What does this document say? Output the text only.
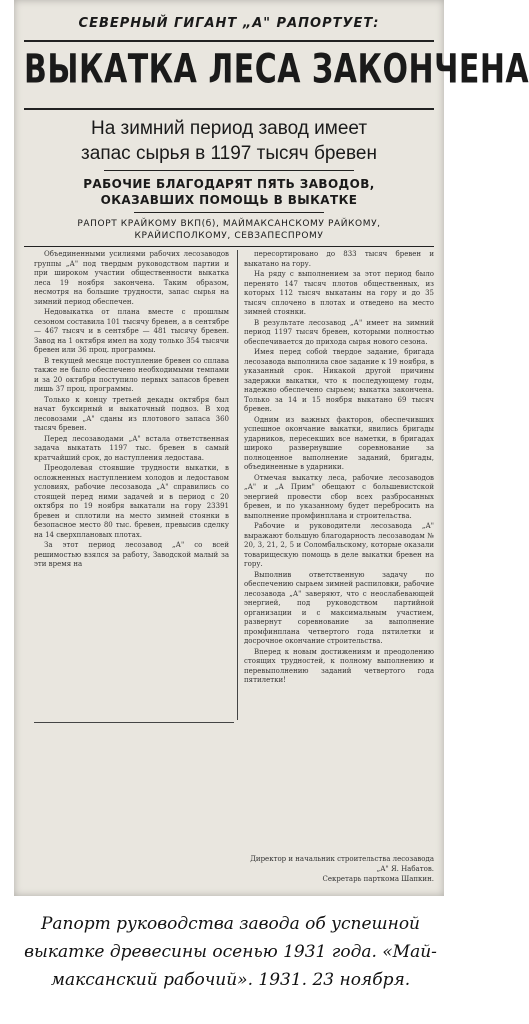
СЕВЕРНЫЙ ГИГАНТ „А" РАПОРТУЕТ:
ВЫКАТКА ЛЕСА ЗАКОНЧЕНА
На зимний период завод имеет
запас сырья в 1197 тысяч бревен
РАБОЧИЕ БЛАГОДАРЯТ ПЯТЬ ЗАВОДОВ,
ОКАЗАВШИХ ПОМОЩЬ В ВЫКАТКЕ
РАПОРТ КРАЙКОМУ ВКП(б), МАЙМАКСАНСКОМУ РАЙКОМУ,
КРАЙИСПОЛКОМУ, СЕВЗАПЕСПРОМУ

Объединенными усилиями рабочих лесозаводов группы „А" под твердым руководством партии и при широком участии общественности выкатка леса 19 ноября закончена. Таким образом, несмотря на большие трудности, запас сырья на зимний период обеспечен.

Недовыкатка от плана вместе с прошлым сезоном составила 101 тысячу бревен, а в сентябре — 467 тысяч и в сентябре — 481 тысячу бревен. Завод на 1 октября имел на ходу только 354 тысячи бревен или 36 проц. программы.

В текущей месяце поступление бревен со сплава также не было обеспечено необходимыми темпами и за 20 октября поступило первых запасов бревен лишь 37 проц. программы.

Только к концу третьей декады октября был начат буксирный и выкаточный подвоз. В ход лесовозами „А" сданы из плотового запаса 360 тысяч бревен.

Перед лесозаводами „А" встала ответственная задача выкатать 1197 тыс. бревен в самый кратчайший срок, до наступления ледостава.

Преодолевая стоявшие трудности выкатки, в осложненных наступлением холодов и ледоставом условиях, рабочие лесозавода „А" справились со стоящей перед ними задачей и в период с 20 октября по 19 ноября выкатали на гору 23391 бревен и сплотили на место зимней стоянки в безопасное место 80 тыс. бревен, превысив сделку на 14 сверхплановых плотах.

За этот период лесозавод „А" со всей решимостью взялся за работу, Заводской малый за эти время на

пересортировано до 833 тысяч бревен и выкатано на гору.

На ряду с выполнением за этот период было перенято 147 тысяч плотов общественных, из которых 112 тысяч выкатаны на гору и до 35 тысяч сплочено в плотах и отведено на место зимней стоянки.

В результате лесозавод „А" имеет на зимний период 1197 тысяч бревен, которыми полностью обеспечивается до прихода сырья нового сезона.

Имея перед собой твердое задание, бригада лесозавода выполнила свое задание к 19 ноября, в указанный срок. Никакой другой причины задержки выкатки, что к последующему годы, надежно обеспечено сырьем; выкатка закончена. Только за 14 и 15 ноября выкатано 69 тысяч бревен.

Одним из важных факторов, обеспечивших успешное окончание выкатки, явились бригады ударников, пересекших все наметки, в бригадах широко развернувшие соревнование за полноценное выполнение заданий, бригады, объединенные в ударники.

Отмечая выкатку леса, рабочие лесозаводов „А" и „А Прим" обещают с большевистской энергией провести сбор всех разбросанных бревен, и по указанному будет перебросить на выполнение промфинплана и строительства.

Рабочие и руководители лесозавода „А" выражают большую благодарность лесозаводам № 20, 3, 21, 2, 5 и Соломбальскому, которые оказали товарищескую помощь в деле выкатки бревен на гору.

Выполнив ответственную задачу по обеспечению сырьем зимней распиловки, рабочие лесозавода „А" заверяют, что с неослабевающей энергией, под руководством партийной организации и с максимальным участием, развернут соревнование за выполнение промфинплана четвертого года пятилетки и досрочное окончание строительства.

Вперед к новым достижениям и преодолению стоящих трудностей, к полному выполнению и перевыполнению заданий четвертого года пятилетки!

Директор и начальник строительства лесозавода „А" Я. Набатов.
Секретарь парткома Шапкин.
Рапорт руководства завода об успешной
выкатке древесины осенью 1931 года. «Май-
максанский рабочий». 1931. 23 ноября.
